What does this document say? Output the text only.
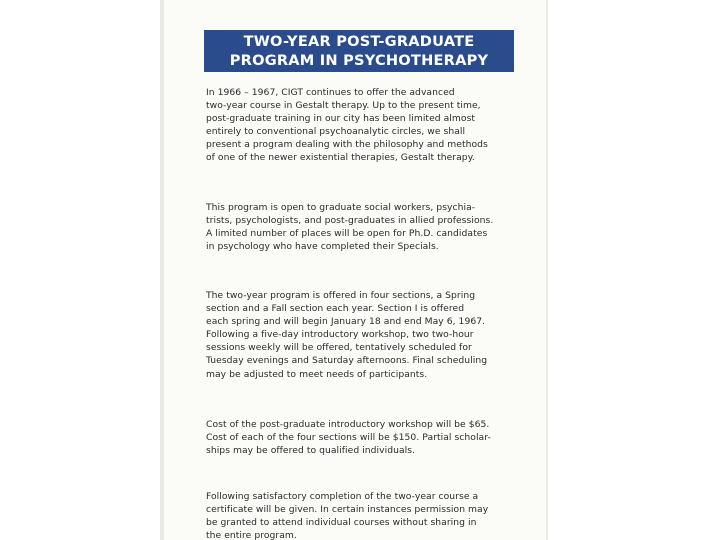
TWO-YEAR POST-GRADUATE
PROGRAM IN PSYCHOTHERAPY
In 1966 – 1967, CIGT continues to offer the advanced
two-year course in Gestalt therapy. Up to the present time,
post-graduate training in our city has been limited almost
entirely to conventional psychoanalytic circles, we shall
present a program dealing with the philosophy and methods
of one of the newer existential therapies, Gestalt therapy.
This program is open to graduate social workers, psychia-
trists, psychologists, and post-graduates in allied professions.
A limited number of places will be open for Ph.D. candidates
in psychology who have completed their Specials.
The two-year program is offered in four sections, a Spring
section and a Fall section each year. Section I is offered
each spring and will begin January 18 and end May 6, 1967.
Following a five-day introductory workshop, two two-hour
sessions weekly will be offered, tentatively scheduled for
Tuesday evenings and Saturday afternoons. Final scheduling
may be adjusted to meet needs of participants.
Cost of the post-graduate introductory workshop will be $65.
Cost of each of the four sections will be $150. Partial scholar-
ships may be offered to qualified individuals.
Following satisfactory completion of the two-year course a
certificate will be given. In certain instances permission may
be granted to attend individual courses without sharing in
the entire program.
